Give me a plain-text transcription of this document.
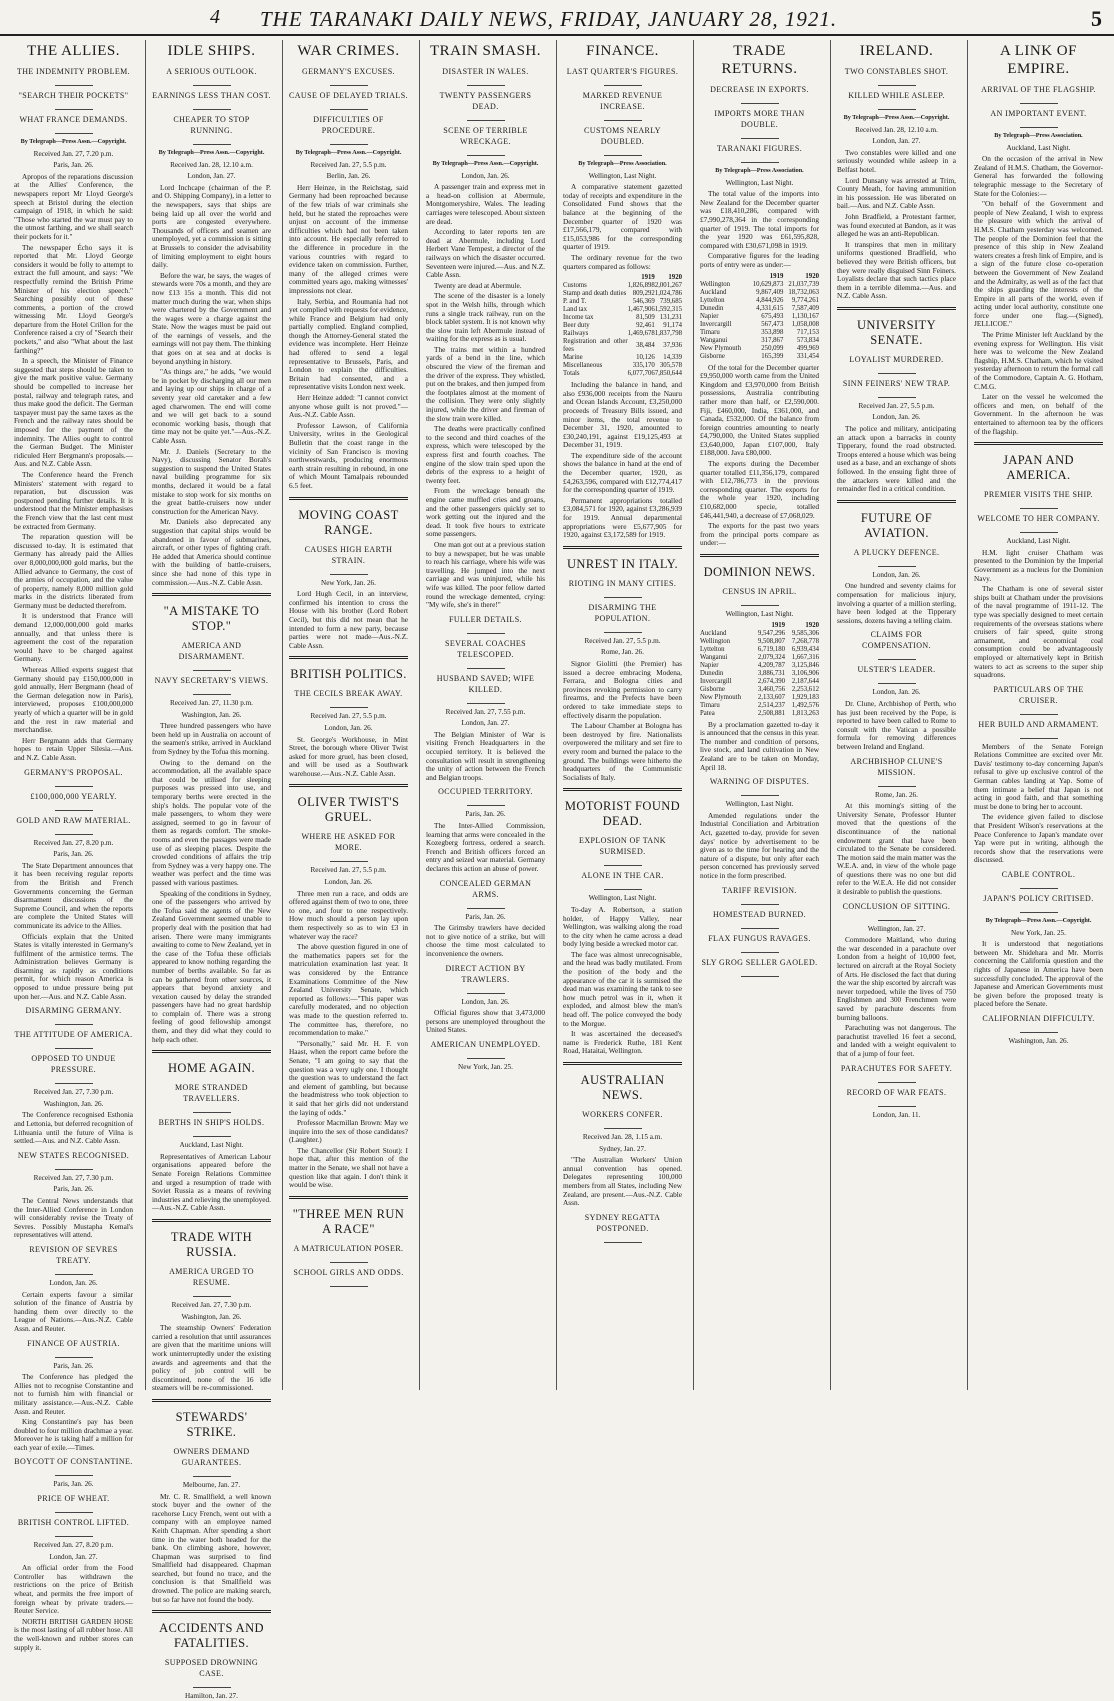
4 THE TARANAKI DAILY NEWS, FRIDAY, JANUARY 28, 1921.	5
THE ALLIES.
THE INDEMNITY PROBLEM.
"SEARCH THEIR POCKETS"
WHAT FRANCE DEMANDS.
By Telegraph—Press Assn.—Copyright.
Received Jan. 27, 7.20 p.m.
Paris, Jan. 26.

Apropos of the reparations discussion at the Allies' Conference, the newspapers report Mr Lloyd George's speech at Bristol during the election campaign of 1918, in which he said: "Those who started the war must pay to the utmost farthing, and we shall search their pockets for it."

The newspaper Écho says it is reported that Mr. Lloyd George considers it would be folly to attempt to extract the full amount, and says: "We respectfully remind the British Prime Minister of his election speech." Searching possibly out of these comments, a portion of the crowd witnessing Mr. Lloyd George's departure from the Hotel Crillon for the Conference raised a cry of "Search their pockets," and also "What about the last farthing?"

In a speech, the Minister of Finance suggested that steps should be taken to give the mark positive value. Germany should be compelled to increase her postal, railway and telegraph rates, and thus make good the deficit. The German taxpayer must pay the same taxes as the French and the railway rates should be imposed for the payment of the indemnity. The Allies ought to control the German Budget. The Minister ridiculed Herr Bergmann's proposals.—Aus. and N.Z. Cable Assn.

The Conference heard the French Ministers' statement with regard to reparation, but discussion was postponed pending further details. It is understood that the Minister emphasises the French view that the last cent must be extracted from Germany.

The reparation question will be discussed to-day. It is estimated that Germany has already paid the Allies over 8,000,000,000 gold marks, but the Allied advance to Germany, the cost of the armies of occupation, and the value of property, namely 8,000 million gold marks in the districts liberated from Germany must be deducted therefrom.

It is understood that France will demand 12,000,000,000 gold marks annually, and that unless there is agreement the cost of the reparation would have to be charged against Germany.

Whereas Allied experts suggest that Germany should pay £150,000,000 in gold annually, Herr Bergmann (head of the German delegation now in Paris), interviewed, proposes £100,000,000 yearly of which a quarter will be in gold and the rest in raw material and merchandise.

Herr Bergmann adds that Germany hopes to retain Upper Silesia.—Aus. and N.Z. Cable Assn.

GERMANY'S PROPOSAL.
£100,000,000 YEARLY.
GOLD AND RAW MATERIAL.
Received Jan. 27, 8.20 p.m.
Paris, Jan. 26.

The State Department announces that it has been receiving regular reports from the British and French Governments concerning the German disarmament discussions of the Supreme Council, and when the reports are complete the United States will communicate its advice to the Allies.

Officials explain that the United States is vitally interested in Germany's fulfilment of the armistice terms. The Administration believes Germany is disarming as rapidly as conditions permit, for which reason America is opposed to undue pressure being put upon her.—Aus. and N.Z. Cable Assn.

DISARMING GERMANY.
THE ATTITUDE OF AMERICA.
OPPOSED TO UNDUE PRESSURE.
Received Jan. 27, 7.30 p.m.
Washington, Jan. 26.

The Conference recognised Esthonia and Lettonia, but deferred recognition of Lithuania until the future of Vilna is settled.—Aus. and N.Z. Cable Assn.

NEW STATES RECOGNISED.
Received Jan. 27, 7.30 p.m.
Paris, Jan. 26.

The Central News understands that the Inter-Allied Conference in London will considerably revise the Treaty of Sevres. Possibly Mustapha Kemal's representatives will attend.

REVISION OF SEVRES TREATY.
London, Jan. 26.

Certain experts favour a similar solution of the finance of Austria by handing them over directly to the League of Nations.—Aus.-N.Z. Cable Assn. and Reuter.

FINANCE OF AUSTRIA.
Paris, Jan. 26.

The Conference has pledged the Allies not to recognise Constantine and not to furnish him with financial or military assistance.—Aus.-N.Z. Cable Assn. and Reuter.

King Constantine's pay has been doubled to four million drachmae a year. Moreover he is taking half a million for each year of exile.—Times.

BOYCOTT OF CONSTANTINE.
Paris, Jan. 26.
PRICE OF WHEAT.
BRITISH CONTROL LIFTED.
Received Jan. 27, 8.20 p.m.
London, Jan. 27.

An official order from the Food Controller has withdrawn the restrictions on the price of British wheat, and permits the free import of foreign wheat by private traders.—Reuter Service.

NORTH BRITISH GARDEN HOSE is the most lasting of all rubber hose. All the well-known and rubber stores can supply it.

IDLE SHIPS.
A SERIOUS OUTLOOK.
EARNINGS LESS THAN COST.
CHEAPER TO STOP RUNNING.
By Telegraph—Press Assn.—Copyright.
Received Jan. 28, 12.10 a.m.
London, Jan. 27.

Lord Inchcape (chairman of the P. and O. Shipping Company), in a letter to the newspapers, says that ships are being laid up all over the world and ports are congested everywhere. Thousands of officers and seamen are unemployed, yet a commission is sitting at Brussels to consider the advisability of limiting employment to eight hours daily.

Before the war, he says, the wages of stewards were 70s a month, and they are now £13 15s a month. This did not matter much during the war, when ships were chartered by the Government and the wages were a charge against the State. Now the wages must be paid out of the earnings of vessels, and the earnings will not pay them. The thinking that goes on at sea and at docks is beyond anything in history.

"As things are," he adds, "we would be in pocket by discharging all our men and laying up our ships in charge of a seventy year old caretaker and a few aged charwomen. The end will come and we will get back to a sound economic working basis, though that time may not be quite yet."—Aus.-N.Z. Cable Assn.

Mr. J. Daniels (Secretary to the Navy), discussing Senator Borah's suggestion to suspend the United States naval building programme for six months, declared it would be a fatal mistake to stop work for six months on the great battle-cruisers now under construction for the American Navy.

Mr. Daniels also deprecated any suggestion that capital ships would be abandoned in favour of submarines, aircraft, or other types of fighting craft. He added that America should continue with the building of battle-cruisers, since she had none of this type in commission.—Aus.-N.Z. Cable Assn.

"A MISTAKE TO STOP."
AMERICA AND DISARMAMENT.
NAVY SECRETARY'S VIEWS.
Received Jan. 27, 11.30 p.m.
Washington, Jan. 26.

Three hundred passengers who have been held up in Australia on account of the seamen's strike, arrived in Auckland from Sydney by the Tofua this morning.

Owing to the demand on the accommodation, all the available space that could be utilised for sleeping purposes was pressed into use, and temporary berths were erected in the ship's holds. The popular vote of the male passengers, to whom they were assigned, seemed to go in favour of them as regards comfort. The smoke-rooms and even the passages were made use of as sleeping places. Despite the crowded conditions of affairs the trip from Sydney was a very happy one. The weather was perfect and the time was passed with various pastimes.

Speaking of the conditions in Sydney, one of the passengers who arrived by the Tofua said the agents of the New Zealand Government seemed unable to properly deal with the position that had arisen. There were many immigrants awaiting to come to New Zealand, yet in the case of the Tofua these officials appeared to know nothing regarding the number of berths available. So far as can be gathered from other sources, it appears that beyond anxiety and vexation caused by delay the stranded passengers have had no great hardship to complain of. There was a strong feeling of good fellowship amongst them, and they did what they could to help each other.

HOME AGAIN.
MORE STRANDED TRAVELLERS.
BERTHS IN SHIP'S HOLDS.
Auckland, Last Night.

Representatives of American Labour organisations appeared before the Senate Foreign Relations Committee and urged a resumption of trade with Soviet Russia as a means of reviving industries and relieving the unemployed.—Aus.-N.Z. Cable Assn.

TRADE WITH RUSSIA.
AMERICA URGED TO RESUME.
Received Jan. 27, 7.30 p.m.
Washington, Jan. 26.

The steamship Owners' Federation carried a resolution that until assurances are given that the maritime unions will work uninterruptedly under the existing awards and agreements and that the policy of job control will be discontinued, none of the 16 idle steamers will be re-commissioned.

STEWARDS' STRIKE.
OWNERS DEMAND GUARANTEES.
Melbourne, Jan. 27.

Mr. C. R. Smallfield, a well known stock buyer and the owner of the racehorse Lucy French, went out with a company with an employee named Keith Chapman. After spending a short time in the water both headed for the bank. On climbing ashore, however, Chapman was surprised to find Smallfield had disappeared. Chapman searched, but found no trace, and the conclusion is that Smallfield was drowned. The police are making search, but so far have not found the body.

ACCIDENTS AND FATALITIES.
SUPPOSED DROWNING CASE.
Hamilton, Jan. 27.
WAR CRIMES.
GERMANY'S EXCUSES.
CAUSE OF DELAYED TRIALS.
DIFFICULTIES OF PROCEDURE.
By Telegraph—Press Assn.—Copyright.
Received Jan. 27, 5.5 p.m.
Berlin, Jan. 26.

Herr Heinze, in the Reichstag, said Germany had been reproached because of the few trials of war criminals she held, but he stated the reproaches were unjust on account of the immense difficulties which had not been taken into account. He especially referred to the difference in procedure in the various countries with regard to evidence taken on commission. Further, many of the alleged crimes were committed years ago, making witnesses' impressions not clear.

Italy, Serbia, and Roumania had not yet complied with requests for evidence, while France and Belgium had only partially complied. England complied, though the Attorney-General stated the evidence was incomplete. Herr Heinze had offered to send a legal representative to Brussels, Paris, and London to explain the difficulties. Britain had consented, and a representative visits London next week.

Herr Heinze added: "I cannot convict anyone whose guilt is not proved."—Aus.-N.Z. Cable Assn.

Professor Lawson, of California University, writes in the Geological Bulletin that the coast range in the vicinity of San Francisco is moving northwestwards, producing enormous earth strain resulting in rebound, in one of which Mount Tamalpais rebounded 6.5 feet.

MOVING COAST RANGE.
CAUSES HIGH EARTH STRAIN.
New York, Jan. 26.

Lord Hugh Cecil, in an interview, confirmed his intention to cross the House with his brother (Lord Robert Cecil), but this did not mean that he intended to form a new party, because parties were not made—Aus.-N.Z. Cable Assn.

BRITISH POLITICS.
THE CECILS BREAK AWAY.
Received Jan. 27, 5.5 p.m.
London, Jan. 26.

St. George's Workhouse, in Mint Street, the borough where Oliver Twist asked for more gruel, has been closed, and will be used as a Southwark warehouse.—Aus.-N.Z. Cable Assn.

OLIVER TWIST'S GRUEL.
WHERE HE ASKED FOR MORE.
Received Jan. 27, 5.5 p.m.
London, Jan. 26.

Three men run a race, and odds are offered against them of two to one, three to one, and four to one respectively. How much should a person lay upon them respectively so as to win £3 in whatever way the race?

The above question figured in one of the mathematics papers set for the matriculation examination last year. It was considered by the Entrance Examinations Committee of the New Zealand University Senate, which reported as follows:—"This paper was carefully moderated, and no objection was made to the question referred to. The committee has, therefore, no recommendation to make."

"Personally," said Mr. H. F. von Haast, when the report came before the Senate, "I am going to say that the question was a very ugly one. I thought the question was to understand the fact and element of gambling, but because the headmistress who took objection to it said that her girls did not understand the laying of odds."

Professor Macmillan Brown: May we inquire into the sex of those candidates? (Laughter.)

The Chancellor (Sir Robert Stout): I hope that, after this mention of the matter in the Senate, we shall not have a question like that again. I don't think it would be wise.

"THREE MEN RUN A RACE"
A MATRICULATION POSER.
SCHOOL GIRLS AND ODDS.
TRAIN SMASH.
DISASTER IN WALES.
TWENTY PASSENGERS DEAD.
SCENE OF TERRIBLE WRECKAGE.
By Telegraph—Press Assn.—Copyright.
London, Jan. 26.

A passenger train and express met in a head-on collision at Abermule, Montgomeryshire, Wales. The leading carriages were telescoped. About sixteen are dead.

According to later reports ten are dead at Abermule, including Lord Herbert Vane Tempest, a director of the railways on which the disaster occurred. Seventeen were injured.—Aus. and N.Z. Cable Assn.

Twenty are dead at Abermule.

The scene of the disaster is a lonely spot in the Welsh hills, through which runs a single track railway, run on the block tablet system. It is not known why the slow train left Abermule instead of waiting for the express as is usual.

The trains met within a hundred yards of a bend in the line, which obscured the view of the fireman and the driver of the express. They whistled, put on the brakes, and then jumped from the footplates almost at the moment of the collision. They were only slightly injured, while the driver and fireman of the slow train were killed.

The deaths were practically confined to the second and third coaches of the express, which were telescoped by the express first and fourth coaches. The engine of the slow train sped upon the debris of the express to a height of twenty feet.

From the wreckage beneath the engine came muffled cries and groans, and the other passengers quickly set to work getting out the injured and the dead. It took five hours to extricate some passengers.

One man got out at a previous station to buy a newspaper, but he was unable to reach his carriage, where his wife was travelling. He jumped into the next carriage and was uninjured, while his wife was killed. The poor fellow darted round the wreckage demented, crying: "My wife, she's in there!"

FULLER DETAILS.
SEVERAL COACHES TELESCOPED.
HUSBAND SAVED; WIFE KILLED.
Received Jan. 27, 7.55 p.m.
London, Jan. 27.

The Belgian Minister of War is visiting French Headquarters in the occupied territory. It is believed the consultation will result in strengthening the unity of action between the French and Belgian troops.

OCCUPIED TERRITORY.
Paris, Jan. 26.

The Inter-Allied Commission, learning that arms were concealed in the Kozegberg fortress, ordered a search. French and British officers forced an entry and seized war material. Germany declares this action an abuse of power.

CONCEALED GERMAN ARMS.
Paris, Jan. 26.

The Grimsby trawlers have decided not to give notice of a strike, but will choose the time most calculated to inconvenience the owners.

DIRECT ACTION BY TRAWLERS.
London, Jan. 26.

Official figures show that 3,473,000 persons are unemployed throughout the United States.

AMERICAN UNEMPLOYED.
New York, Jan. 25.
FINANCE.
LAST QUARTER'S FIGURES.
MARKED REVENUE INCREASE.
CUSTOMS NEARLY DOUBLED.
By Telegraph—Press Association.
Wellington, Last Night.

A comparative statement gazetted today of receipts and expenditure in the Consolidated Fund shows that the balance at the beginning of the December quarter of 1920 was £17,566,179, compared with £15,053,986 for the corresponding quarter of 1919.

The ordinary revenue for the two quarters compared as follows:

	1919	1920
Customs	1,826,898	2,001,267
Stamp and death duties	809,292	1,024,786
P. and T.	546,369	739,685
Land tax	1,467,906	1,592,315
Income tax	81,509	131,231
Beer duty	92,461	91,174
Railways	1,469,678	1,837,798
Registration and other fees	38,484	37,936
Marine	10,126	14,339
Miscellaneous	335,170	305,578
Totals	6,077,706	7,850,644

Including the balance in hand, and also £936,000 receipts from the Nauru and Ocean Islands Account, £3,250,000 proceeds of Treasury Bills issued, and minor items, the total revenue to December 31, 1920, amounted to £30,240,191, against £19,125,493 at December 31, 1919.

The expenditure side of the account shows the balance in hand at the end of the December quarter, 1920, as £4,263,596, compared with £12,774,417 for the corresponding quarter of 1919.

Permanent appropriations totalled £3,084,571 for 1920, against £3,286,939 for 1919. Annual departmental appropriations were £5,677,905 for 1920, against £3,172,589 for 1919.

UNREST IN ITALY.
RIOTING IN MANY CITIES.
DISARMING THE POPULATION.
Received Jan. 27, 5.5 p.m.
Rome, Jan. 26.

Signor Giolitti (the Premier) has issued a decree embracing Modena, Ferrara, and Bologna cities and provinces revoking permission to carry firearms, and the Prefects have been ordered to take immediate steps to effectively disarm the population.

The Labour Chamber at Bologna has been destroyed by fire. Nationalists overpowered the military and set fire to every room and burned the palace to the ground. The buildings were hitherto the headquarters of the Communistic Socialists of Italy.

MOTORIST FOUND DEAD.
EXPLOSION OF TANK SURMISED.
ALONE IN THE CAR.
Wellington, Last Night.

To-day A. Robertson, a station holder, of Happy Valley, near Wellington, was walking along the road to the city when he came across a dead body lying beside a wrecked motor car.

The face was almost unrecognisable, and the head was badly mutilated. From the position of the body and the appearance of the car it is surmised the dead man was examining the tank to see how much petrol was in it, when it exploded, and almost blew the man's head off. The police conveyed the body to the Morgue.

It was ascertained the deceased's name is Frederick Ruthe, 181 Kent Road, Hataitai, Wellington.

AUSTRALIAN NEWS.
WORKERS CONFER.
Received Jan. 28, 1.15 a.m.
Sydney, Jan. 27.

"The Australian Workers' Union annual convention has opened. Delegates representing 100,000 members from all States, including New Zealand, are present.—Aus.-N.Z. Cable Assn.

SYDNEY REGATTA POSTPONED.
TRADE RETURNS.
DECREASE IN EXPORTS.
IMPORTS MORE THAN DOUBLE.
TARANAKI FIGURES.
By Telegraph—Press Association.
Wellington, Last Night.

The total value of the imports into New Zealand for the December quarter was £18,410,286, compared with £7,990,278,364 in the corresponding quarter of 1919. The total imports for the year 1920 was £61,595,828, compared with £30,671,098 in 1919.

Comparative figures for the leading ports of entry were as under:—

	1919	1920
Wellington	10,629,873	21,037,739
Auckland	9,867,409	18,732,063
Lyttelton	4,844,926	9,774,261
Dunedin	4,331,615	7,587,409
Napier	675,493	1,130,167
Invercargill	567,473	1,058,008
Timaru	353,898	717,153
Wanganui	317,867	573,834
New Plymouth	250,099	499,969
Gisborne	165,399	331,454

Of the total for the December quarter £9,950,000 worth came from the United Kingdom and £3,970,000 from British possessions, Australia contributing rather more than half, or £2,590,000. Fiji, £460,000, India, £361,000, and Canada, £532,000. Of the balance from foreign countries amounting to nearly £4,790,000, the United States supplied £3,640,000, Japan £107,000, Italy £188,000. Java £80,000.

The exports during the December quarter totalled £11,356,179, compared with £12,786,773 in the previous corresponding quarter. The exports for the whole year 1920, including £10,682,000 specie, totalled £46,441,940, a decrease of £7,068,029.

The exports for the past two years from the principal ports compare as under:—

DOMINION NEWS.
CENSUS IN APRIL.
Wellington, Last Night.
	1919	1920
Auckland	9,547,296	9,585,306
Wellington	9,508,807	7,268,778
Lyttelton	6,719,180	6,939,434
Wanganui	2,079,324	1,667,316
Napier	4,209,787	3,125,846
Dunedin	3,886,731	3,106,906
Invercargill	2,674,390	2,187,644
Gisborne	3,460,756	2,253,612
New Plymouth	2,133,607	1,929,183
Timaru	2,514,237	1,492,576
Patea	2,508,881	1,813,263

By a proclamation gazetted to-day it is announced that the census in this year. The number and condition of persons, live stock, and land cultivation in New Zealand are to be taken on Monday, April 18.

WARNING OF DISPUTES.
Wellington, Last Night.

Amended regulations under the Industrial Conciliation and Arbitration Act, gazetted to-day, provide for seven days' notice by advertisement to be given as to the time for hearing and the nature of a dispute, but only after each person concerned has previously served notice in the form prescribed.

TARIFF REVISION.
HOMESTEAD BURNED.
FLAX FUNGUS RAVAGES.
SLY GROG SELLER GAOLED.
IRELAND.
TWO CONSTABLES SHOT.
KILLED WHILE ASLEEP.
By Telegraph—Press Assn.—Copyright.
Received Jan. 28, 12.10 a.m.
London, Jan. 27.

Two constables were killed and one seriously wounded while asleep in a Belfast hotel.

Lord Dunsany was arrested at Trim, County Meath, for having ammunition in his possession. He was liberated on bail.—Aus. and N.Z. Cable Assn.

John Bradfield, a Protestant farmer, was found executed at Bandon, as it was alleged he was an anti-Republican.

It transpires that men in military uniforms questioned Bradfield, who believed they were British officers, but they were really disguised Sinn Feiners. Loyalists declare that such tactics place them in a terrible dilemma.—Aus. and N.Z. Cable Assn.

UNIVERSITY SENATE.
LOYALIST MURDERED.
SINN FEINERS' NEW TRAP.
Received Jan. 27, 5.5 p.m.
London, Jan. 26.

The police and military, anticipating an attack upon a barracks in county Tipperary, found the road obstructed. Troops entered a house which was being used as a base, and an exchange of shots followed. In the ensuing fight three of the attackers were killed and the remainder fled in a critical condition.

FUTURE OF AVIATION.
A PLUCKY DEFENCE.
London, Jan. 26.

One hundred and seventy claims for compensation for malicious injury, involving a quarter of a million sterling, have been lodged at the Tipperary sessions, dozens having a telling claim.

CLAIMS FOR COMPENSATION.
ULSTER'S LEADER.
London, Jan. 26.

Dr. Clune, Archbishop of Perth, who has just been received by the Pope, is reported to have been called to Rome to consult with the Vatican a possible formula for removing differences between Ireland and England.

ARCHBISHOP CLUNE'S MISSION.
Rome, Jan. 26.

At this morning's sitting of the University Senate, Professor Hunter moved that the questions of the discontinuance of the national endowment grant that have been circulated to the Senate be considered. The motion said the main matter was the W.E.A. and, in view of the whole page of questions there was no one but did refer to the W.E.A. He did not consider it desirable to publish the questions.

CONCLUSION OF SITTING.
Wellington, Jan. 27.

Commodore Maitland, who during the war descended in a parachute over London from a height of 10,000 feet, lectured on aircraft at the Royal Society of Arts. He disclosed the fact that during the war the ship escorted by aircraft was never torpedoed, while the lives of 750 Englishmen and 300 Frenchmen were saved by parachute descents from burning balloons.

Parachuting was not dangerous. The parachutist travelled 16 feet a second, and landed with a weight equivalent to that of a jump of four feet.

PARACHUTES FOR SAFETY.
RECORD OF WAR FEATS.
London, Jan. 11.
A LINK OF EMPIRE.
ARRIVAL OF THE FLAGSHIP.
AN IMPORTANT EVENT.
By Telegraph—Press Association.
Auckland, Last Night.

On the occasion of the arrival in New Zealand of H.M.S. Chatham, the Governor-General has forwarded the following telegraphic message to the Secretary of State for the Colonies:—

"On behalf of the Government and people of New Zealand, I wish to express the pleasure with which the arrival of H.M.S. Chatham yesterday was welcomed. The people of the Dominion feel that the presence of this ship in New Zealand waters creates a fresh link of Empire, and is a sign of the future close co-operation between the Government of New Zealand and the Admiralty, as well as of the fact that the ships guarding the interests of the Empire in all parts of the world, even if acting under local authority, constitute one force under one flag.—(Signed), JELLICOE."

The Prime Minister left Auckland by the evening express for Wellington. His visit here was to welcome the New Zealand flagship, H.M.S. Chatham, which he visited yesterday afternoon to return the formal call of the Commodore, Captain A. G. Hotham, C.M.G.

Later on the vessel he welcomed the officers and men, on behalf of the Government. In the afternoon he was entertained to afternoon tea by the officers of the flagship.

JAPAN AND AMERICA.
PREMIER VISITS THE SHIP.
WELCOME TO HER COMPANY.
Auckland, Last Night.

H.M. light cruiser Chatham was presented to the Dominion by the Imperial Government as a nucleus for the Dominion Navy.

The Chatham is one of several sister ships built at Chatham under the provisions of the naval programme of 1911-12. The type was specially designed to meet certain requirements of the overseas stations where cruisers of fair speed, quite strong armament, and economical coal consumption could be advantageously employed or alternatively kept in British waters to act as screens to the super ship squadrons.

PARTICULARS OF THE CRUISER.
HER BUILD AND ARMAMENT.

Members of the Senate Foreign Relations Committee are excited over Mr. Davis' testimony to-day concerning Japan's refusal to give up exclusive control of the German cables landing at Yap. Some of them intimate a belief that Japan is not acting in good faith, and that something must be done to bring her to account.

The evidence given failed to disclose that President Wilson's reservations at the Peace Conference to Japan's mandate over Yap were put in writing, although the records show that the reservations were discussed.

CABLE CONTROL.
JAPAN'S POLICY CRITISED.
By Telegraph—Press Assn.—Copyright.
New York, Jan. 25.

It is understood that negotiations between Mr. Shidehara and Mr. Morris concerning the California question and the rights of Japanese in America have been successfully concluded. The approval of the Japanese and American Governments must be given before the proposed treaty is placed before the Senate.

CALIFORNIAN DIFFICULTY.
Washington, Jan. 26.
